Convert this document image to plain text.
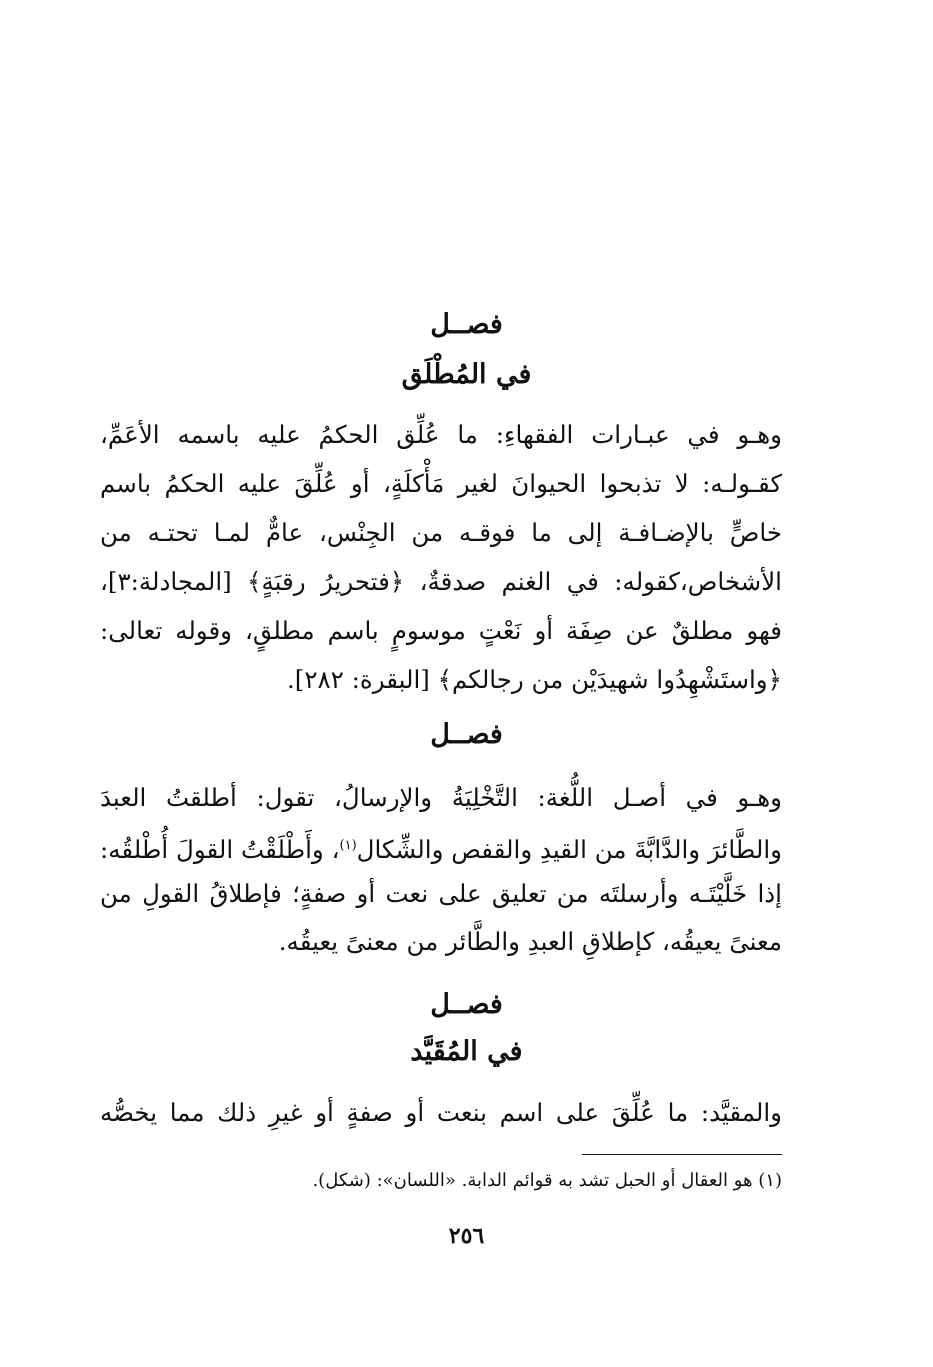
فصــل
في المُطْلَق
وهـو في عبـارات الفقهاءِ: ما عُلِّق الحكمُ عليه باسمه الأعَمِّ،
كقـولـه: لا تذبحوا الحيوانَ لغير مَأْكلَةٍ، أو عُلِّقَ عليه الحكمُ باسم
خاصٍّ بالإضـافـة إلى ما فوقـه من الجِنْس، عامٌّ لمـا تحتـه من
الأشخاص،كقوله: في الغنم صدقةٌ، ﴿فتحريرُ رقبَةٍ﴾ [المجادلة:٣]،
فهو مطلقٌ عن صِفَة أو نَعْتٍ موسومٍ باسم مطلقٍ، وقوله تعالى:
﴿واستَشْهِدُوا شهيدَيْن من رجالكم﴾ [البقرة: ٢٨٢].
فصــل
وهـو في أصـل اللُّغة: التَّخْلِيَةُ والإرسالُ، تقول: أطلقتُ العبدَ
والطَّائرَ والدَّابَّةَ من القيدِ والقفص والشِّكال$^{(١)}$، وأَطْلَقْتُ القولَ أُطْلقُه:
إذا خَلَّيْتَـه وأرسلتَه من تعليق على نعت أو صفةٍ؛ فإطلاقُ القولِ من
معنىً يعيقُه، كإطلاقِ العبدِ والطَّائر من معنىً يعيقُه.
فصــل
في المُقَيَّد
والمقيَّد: ما عُلِّقَ على اسم بنعت أو صفةٍ أو غيرِ ذلك مما يخصُّه
(١) هو العقال أو الحبل تشد به قوائم الدابة. «اللسان»: (شكل).
٢٥٦
